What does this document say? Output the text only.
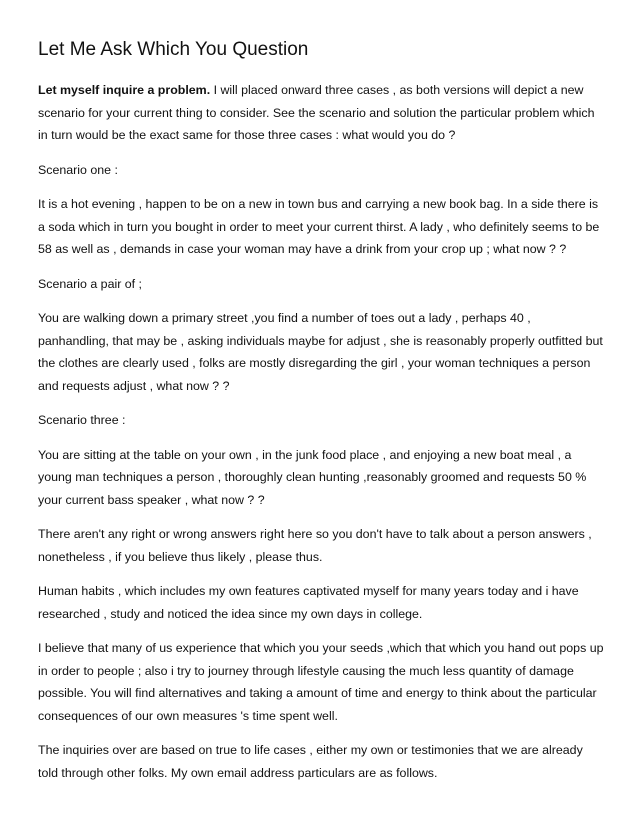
Let Me Ask Which You Question

Let myself inquire a problem. I will placed onward three cases , as both versions will depict a new scenario for your current thing to consider. See the scenario and solution the particular problem which in turn would be the exact same for those three cases : what would you do ?

Scenario one :

It is a hot evening , happen to be on a new in town bus and carrying a new book bag. In a side there is a soda which in turn you bought in order to meet your current thirst. A lady , who definitely seems to be 58 as well as , demands in case your woman may have a drink from your crop up ; what now ? ?

Scenario a pair of ;

You are walking down a primary street ,you find a number of toes out a lady , perhaps 40 , panhandling, that may be , asking individuals maybe for adjust , she is reasonably properly outfitted but the clothes are clearly used , folks are mostly disregarding the girl , your woman techniques a person and requests adjust , what now ? ?

Scenario three :

You are sitting at the table on your own , in the junk food place , and enjoying a new boat meal , a young man techniques a person , thoroughly clean hunting ,reasonably groomed and requests 50 % your current bass speaker , what now ? ?

There aren't any right or wrong answers right here so you don't have to talk about a person answers , nonetheless , if you believe thus likely , please thus.

Human habits , which includes my own features captivated myself for many years today and i have researched , study and noticed the idea since my own days in college.

I believe that many of us experience that which you your seeds ,which that which you hand out pops up in order to people ; also i try to journey through lifestyle causing the much less quantity of damage possible. You will find alternatives and taking a amount of time and energy to think about the particular consequences of our own measures 's time spent well.

The inquiries over are based on true to life cases , either my own or testimonies that we are already told through other folks. My own email address particulars are as follows.
